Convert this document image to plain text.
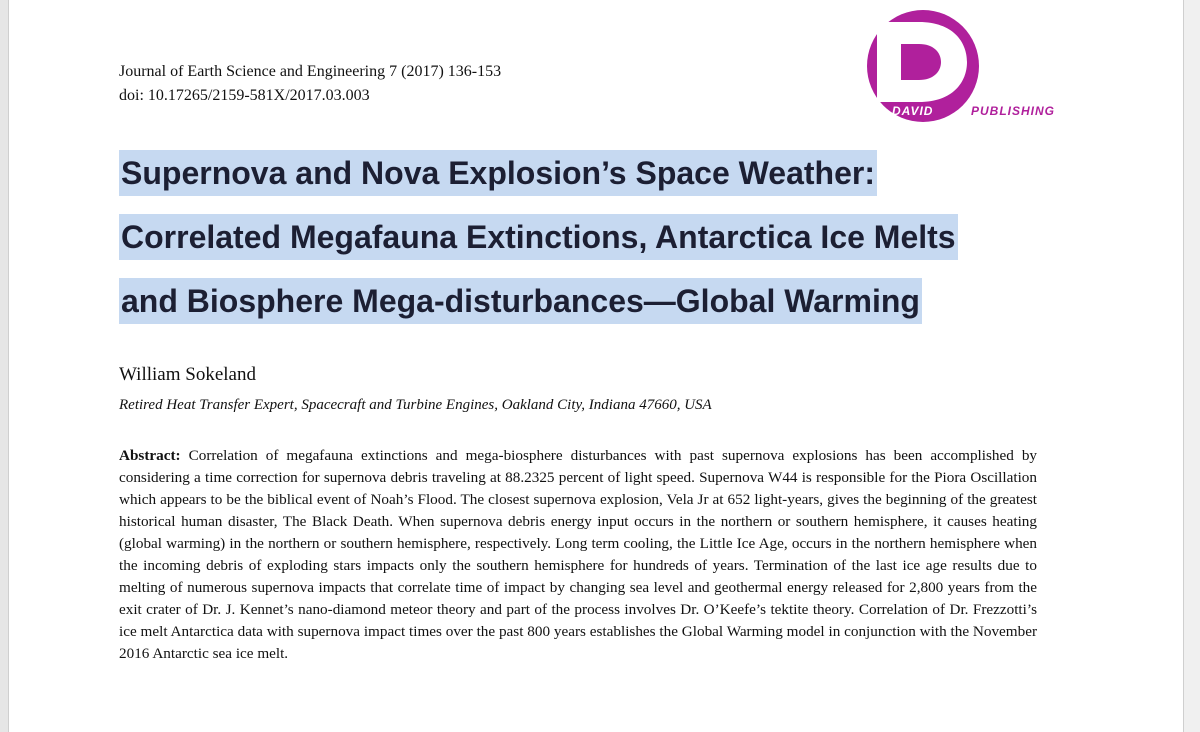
Journal of Earth Science and Engineering 7 (2017) 136-153
doi: 10.17265/2159-581X/2017.03.003
DAVID	PUBLISHING
Supernova and Nova Explosion’s Space Weather:
Correlated Megafauna Extinctions, Antarctica Ice Melts
and Biosphere Mega-disturbances—Global Warming
William Sokeland
Retired Heat Transfer Expert, Spacecraft and Turbine Engines, Oakland City, Indiana 47660, USA

Abstract: Correlation of megafauna extinctions and mega-biosphere disturbances with past supernova explosions has been accomplished by considering a time correction for supernova debris traveling at 88.2325 percent of light speed. Supernova W44 is responsible for the Piora Oscillation which appears to be the biblical event of Noah’s Flood. The closest supernova explosion, Vela Jr at 652 light-years, gives the beginning of the greatest historical human disaster, The Black Death. When supernova debris energy input occurs in the northern or southern hemisphere, it causes heating (global warming) in the northern or southern hemisphere, respectively. Long term cooling, the Little Ice Age, occurs in the northern hemisphere when the incoming debris of exploding stars impacts only the southern hemisphere for hundreds of years. Termination of the last ice age results due to melting of numerous supernova impacts that correlate time of impact by changing sea level and geothermal energy released for 2,800 years from the exit crater of Dr. J. Kennet’s nano-diamond meteor theory and part of the process involves Dr. O’Keefe’s tektite theory. Correlation of Dr. Frezzotti’s ice melt Antarctica data with supernova impact times over the past 800 years establishes the Global Warming model in conjunction with the November 2016 Antarctic sea ice melt.
